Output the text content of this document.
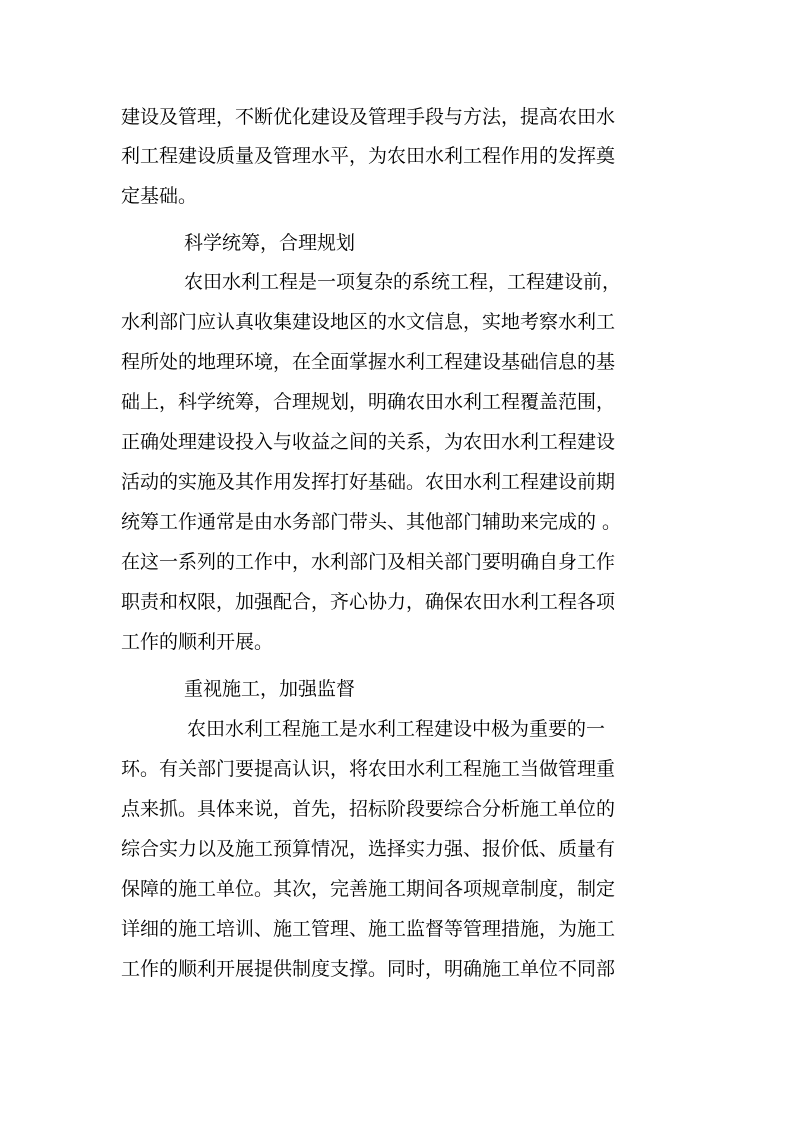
建设及管理，不断优化建设及管理手段与方法，提高农田水
利工程建设质量及管理水平，为农田水利工程作用的发挥奠
定基础。
科学统筹，合理规划
农田水利工程是一项复杂的系统工程，工程建设前，
水利部门应认真收集建设地区的水文信息，实地考察水利工
程所处的地理环境，在全面掌握水利工程建设基础信息的基
础上，科学统筹，合理规划，明确农田水利工程覆盖范围，
正确处理建设投入与收益之间的关系，为农田水利工程建设
活动的实施及其作用发挥打好基础。农田水利工程建设前期
统筹工作通常是由水务部门带头、其他部门辅助来完成的 。
在这一系列的工作中，水利部门及相关部门要明确自身工作
职责和权限，加强配合，齐心协力，确保农田水利工程各项
工作的顺利开展。
重视施工，加强监督
农田水利工程施工是水利工程建设中极为重要的一
环。有关部门要提高认识，将农田水利工程施工当做管理重
点来抓。具体来说，首先，招标阶段要综合分析施工单位的
综合实力以及施工预算情况，选择实力强、报价低、质量有
保障的施工单位。其次，完善施工期间各项规章制度，制定
详细的施工培训、施工管理、施工监督等管理措施，为施工
工作的顺利开展提供制度支撑。同时，明确施工单位不同部
